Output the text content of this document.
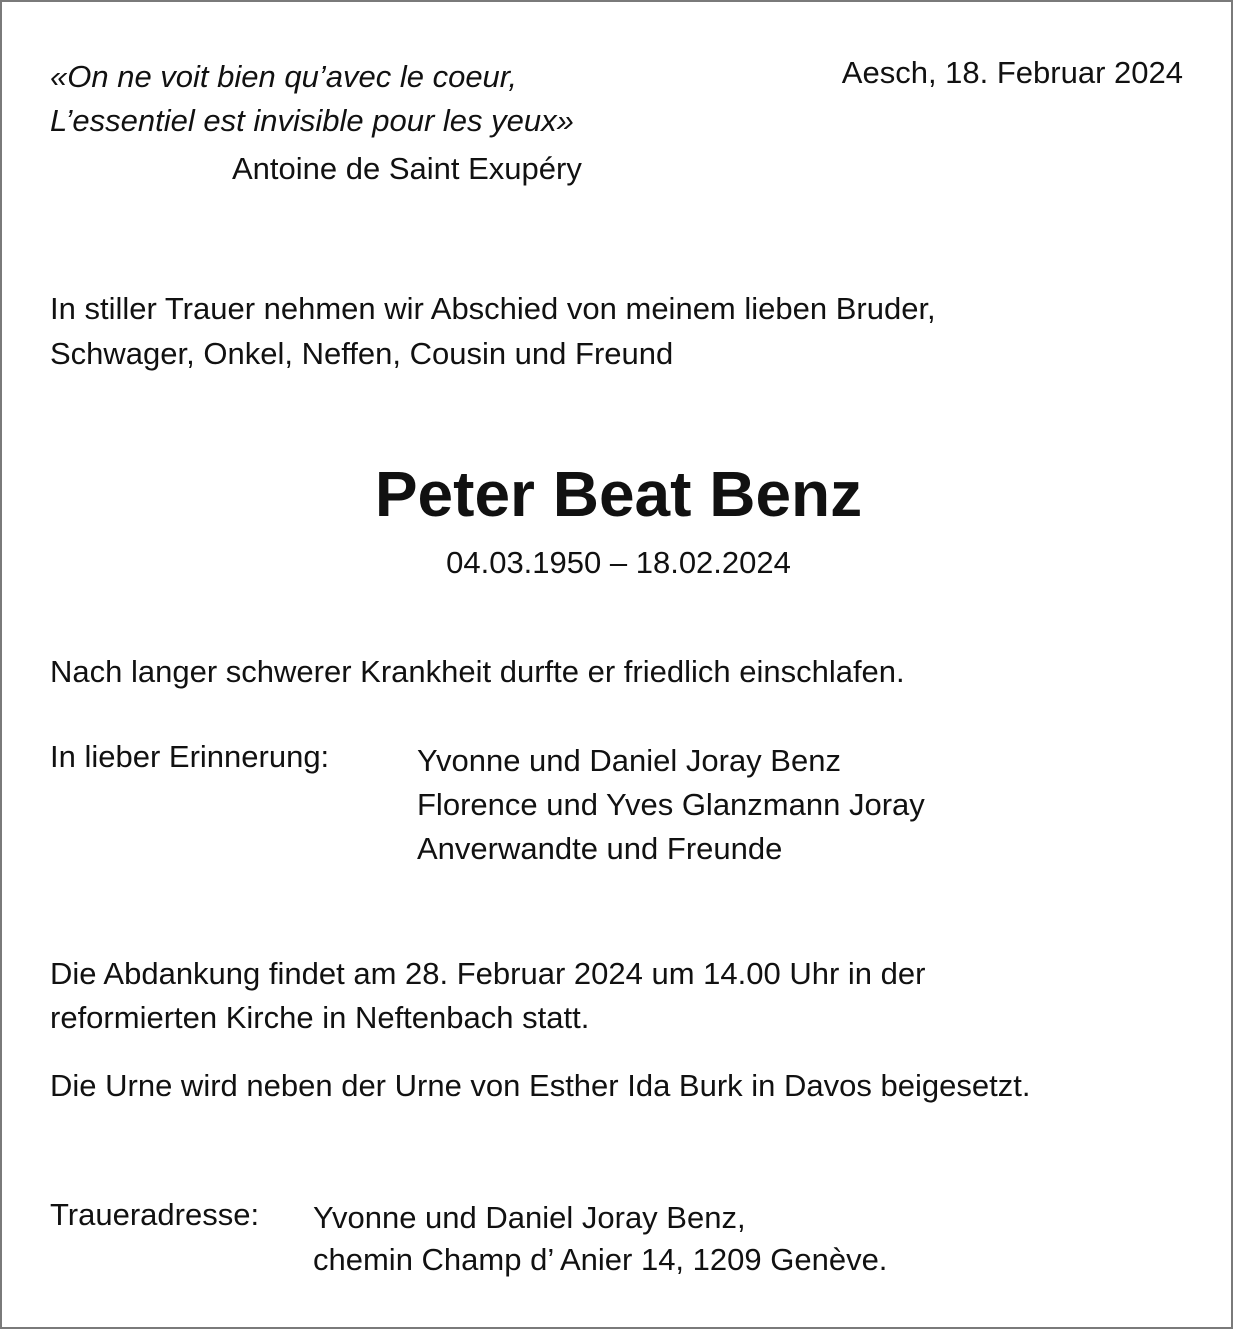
«On ne voit bien qu’avec le coeur,
L’essentiel est invisible pour les yeux»
Antoine de Saint Exupéry
Aesch, 18. Februar 2024
In stiller Trauer nehmen wir Abschied von meinem lieben Bruder,
Schwager, Onkel, Neffen, Cousin und Freund
Peter Beat Benz
04.03.1950 – 18.02.2024
Nach langer schwerer Krankheit durfte er friedlich einschlafen.
In lieber Erinnerung:	Yvonne und Daniel Joray Benz
Florence und Yves Glanzmann Joray
Anverwandte und Freunde
Die Abdankung findet am 28. Februar 2024 um 14.00 Uhr in der
reformierten Kirche in Neftenbach statt.
Die Urne wird neben der Urne von Esther Ida Burk in Davos beigesetzt.
Traueradresse: Yvonne und Daniel Joray Benz,
chemin Champ d’ Anier 14, 1209 Genève.
